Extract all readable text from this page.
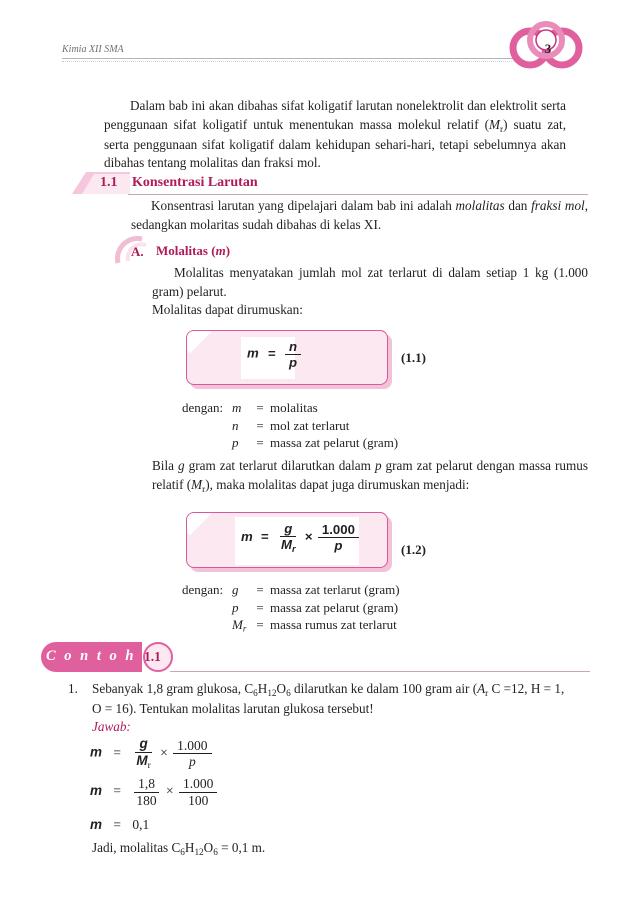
Kimia XII SMA	3

Dalam bab ini akan dibahas sifat koligatif larutan nonelektrolit dan elektrolit serta penggunaan sifat koligatif untuk menentukan massa molekul relatif $(M_r)$ suatu zat, serta penggunaan sifat koligatif dalam kehidupan sehari-hari, tetapi sebelumnya akan dibahas tentang molalitas dan fraksi mol.

1.1 Konsentrasi Larutan

Konsentrasi larutan yang dipelajari dalam bab ini adalah molalitas dan fraksi mol, sedangkan molaritas sudah dibahas di kelas XI.

A. Molalitas (m)

Molalitas menyatakan jumlah mol zat terlarut di dalam setiap 1 kg (1.000 gram) pelarut.

Molalitas dapat dirumuskan:

$m = \frac{n}{p}$	(1.1)
dengan: m	= molalitas
n	= mol zat terlarut
p	= massa zat pelarut (gram)

Bila g gram zat terlarut dilarutkan dalam p gram zat pelarut dengan massa rumus relatif $(M_r)$, maka molalitas dapat juga dirumuskan menjadi:

$m = \frac{g}{M_r} \times \frac{1.000}{p}$	(1.2)
dengan: g	= massa zat terlarut (gram)
p	= massa zat pelarut (gram)
$M_r$ = massa rumus zat terlarut
C o n t o h 1.1
1.	Sebanyak 1,8 gram glukosa, $C_6H_{12}O_6$ dilarutkan ke dalam 100 gram air ($A_r$ C =12, H = 1, O = 16). Tentukan molalitas larutan glukosa tersebut!
Jawab:
$m = \frac{g}{M_r} \times \frac{1.000}{p}$
$m = \frac{1,8}{180} \times \frac{1.000}{100}$
m = 0,1
Jadi, molalitas $C_6H_{12}O_6 = 0,1$ m.
